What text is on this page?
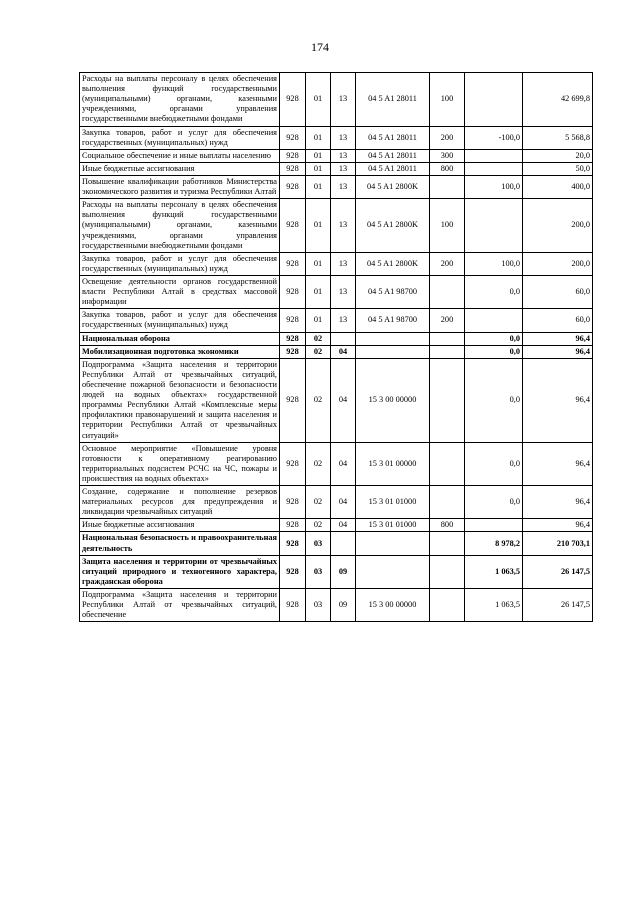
174
Расходы на выплаты персоналу в целях обеспечения выполнения функций государственными (муниципальными) органами, казенными учреждениями, органами управления государственными внебюджетными фондами	928	01	13	04 5 A1 28011	100		42 699,8
Закупка товаров, работ и услуг для обеспечения государственных (муниципальных) нужд	928	01	13	04 5 A1 28011	200	-100,0	5 568,8
Социальное обеспечение и иные выплаты населению	928	01	13	04 5 A1 28011	300		20,0
Иные бюджетные ассигнования	928	01	13	04 5 A1 28011	800		50,0
Повышение квалификации работников Министерства экономического развития и туризма Республики Алтай	928	01	13	04 5 A1 2800K		100,0	400,0
Расходы на выплаты персоналу в целях обеспечения выполнения функций государственными (муниципальными) органами, казенными учреждениями, органами управления государственными внебюджетными фондами	928	01	13	04 5 A1 2800K	100		200,0
Закупка товаров, работ и услуг для обеспечения государственных (муниципальных) нужд	928	01	13	04 5 A1 2800K	200	100,0	200,0
Освещение деятельности органов государственной власти Республики Алтай в средствах массовой информации	928	01	13	04 5 A1 98700		0,0	60,0
Закупка товаров, работ и услуг для обеспечения государственных (муниципальных) нужд	928	01	13	04 5 A1 98700	200		60,0
Национальная оборона	928	02				0,0	96,4
Мобилизационная подготовка экономики	928	02	04			0,0	96,4
Подпрограмма «Защита населения и территории Республики Алтай от чрезвычайных ситуаций, обеспечение пожарной безопасности и безопасности людей на водных объектах» государственной программы Республики Алтай «Комплексные меры профилактики правонарушений и защита населения и территории Республики Алтай от чрезвычайных ситуаций»	928	02	04	15 3 00 00000		0,0	96,4
Основное мероприятие «Повышение уровня готовности к оперативному реагированию территориальных подсистем РСЧС на ЧС, пожары и происшествия на водных объектах»	928	02	04	15 3 01 00000		0,0	96,4
Создание, содержание и пополнение резервов материальных ресурсов для предупреждения и ликвидации чрезвычайных ситуаций	928	02	04	15 3 01 01000		0,0	96,4
Иные бюджетные ассигнования	928	02	04	15 3 01 01000	800		96,4
Национальная безопасность и правоохранительная деятельность	928	03				8 978,2	210 703,1
Защита населения и территории от чрезвычайных ситуаций природного и техногенного характера, гражданская оборона	928	03	09			1 063,5	26 147,5
Подпрограмма «Защита населения и территории Республики Алтай от чрезвычайных ситуаций, обеспечение	928	03	09	15 3 00 00000		1 063,5	26 147,5
